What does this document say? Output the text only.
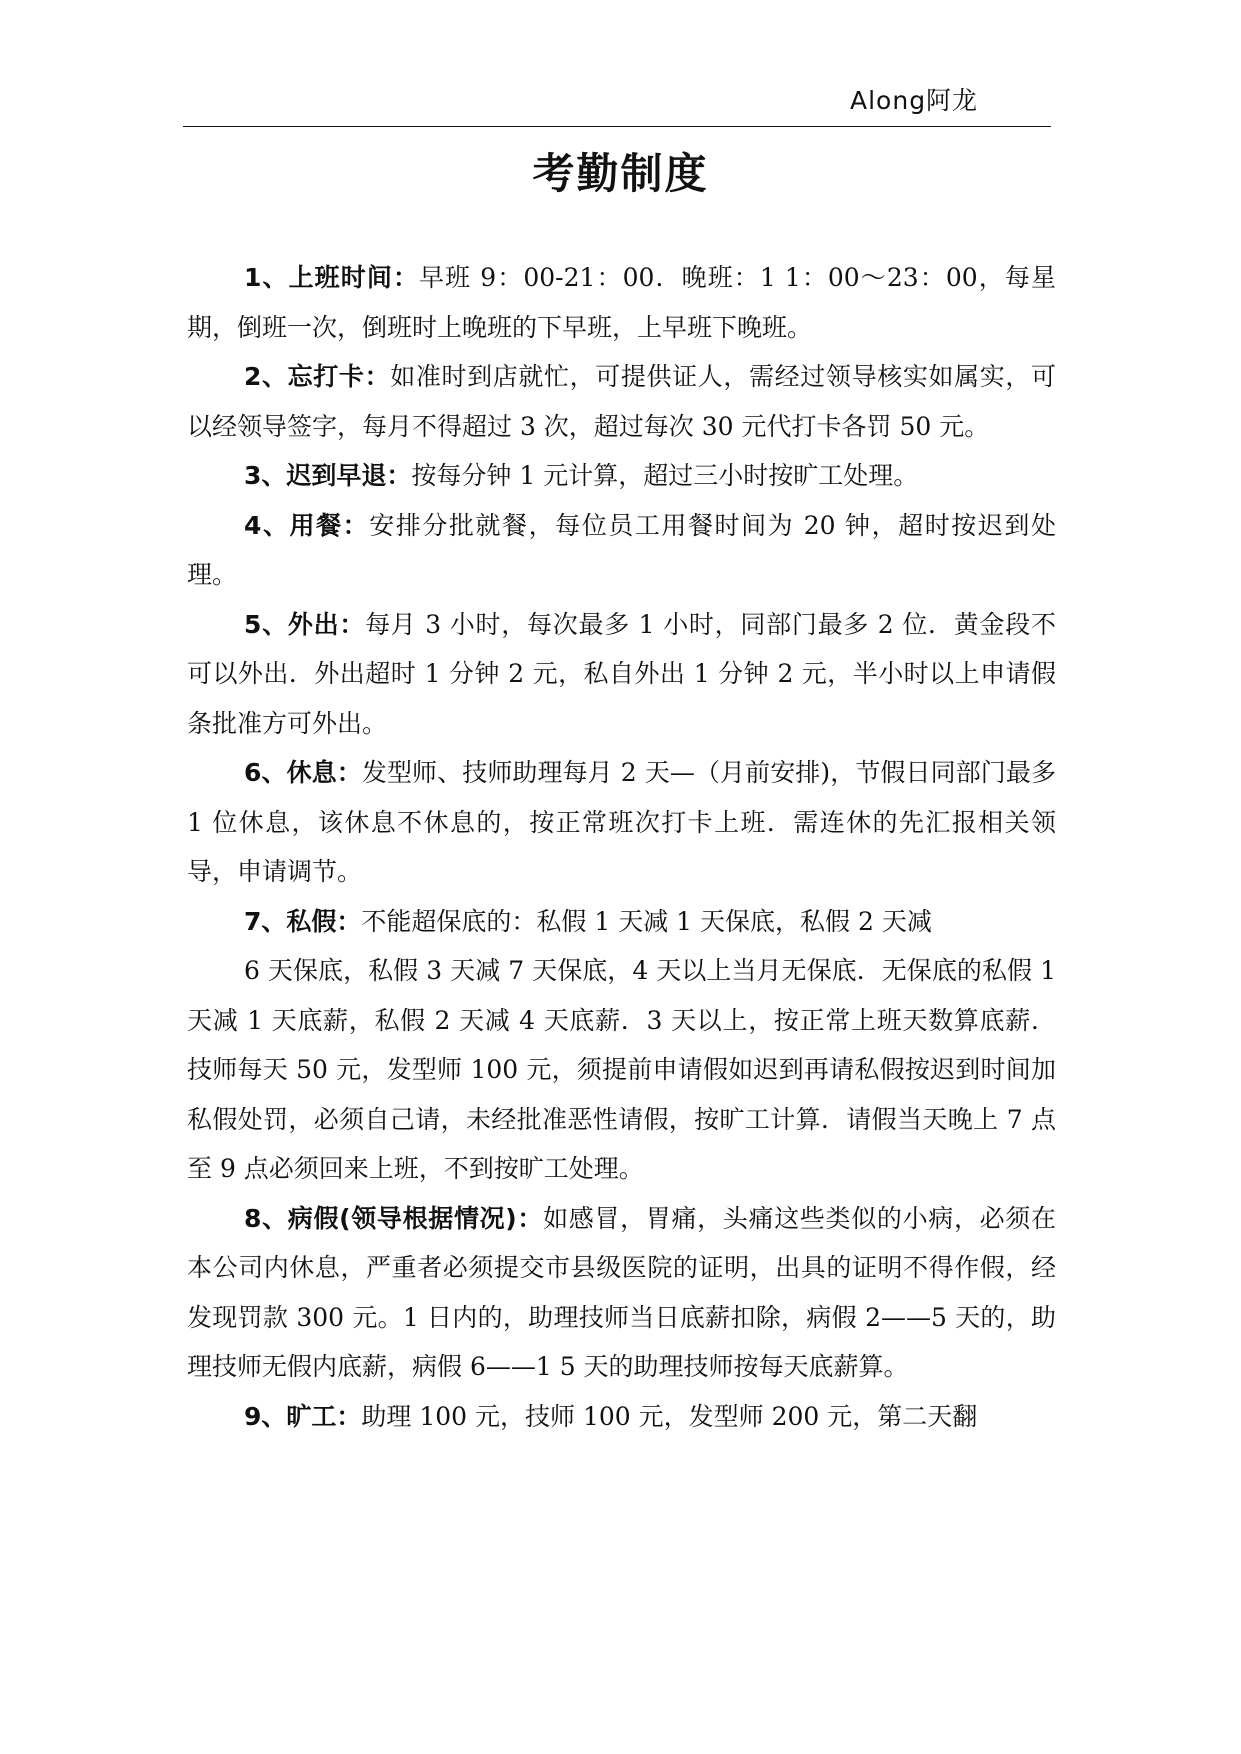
Along阿龙
考勤制度

1、上班时间：早班 9：00-21：00．晚班：1 1：00～23：00，每星期，倒班一次，倒班时上晚班的下早班，上早班下晚班。

2、忘打卡：如准时到店就忙，可提供证人，需经过领导核实如属实，可以经领导签字，每月不得超过 3 次，超过每次 30 元代打卡各罚 50 元。

3、迟到早退：按每分钟 1 元计算，超过三小时按旷工处理。

4、用餐：安排分批就餐，每位员工用餐时间为 20 钟，超时按迟到处理。

5、外出：每月 3 小时，每次最多 1 小时，同部门最多 2 位．黄金段不可以外出．外出超时 1 分钟 2 元，私自外出 1 分钟 2 元，半小时以上申请假条批准方可外出。

6、休息：发型师、技师助理每月 2 天—（月前安排)，节假日同部门最多 1 位休息，该休息不休息的，按正常班次打卡上班．需连休的先汇报相关领导，申请调节。

7、私假：不能超保底的：私假 1 天减 1 天保底，私假 2 天减

6 天保底，私假 3 天减 7 天保底，4 天以上当月无保底．无保底的私假 1 天减 1 天底薪，私假 2 天减 4 天底薪．3 天以上，按正常上班天数算底薪．技师每天 50 元，发型师 100 元，须提前申请假如迟到再请私假按迟到时间加私假处罚，必须自己请，未经批准恶性请假，按旷工计算．请假当天晚上 7 点至 9 点必须回来上班，不到按旷工处理。

8、病假(领导根据情况)：如感冒，胃痛，头痛这些类似的小病，必须在本公司内休息，严重者必须提交市县级医院的证明，出具的证明不得作假，经发现罚款 300 元。1 日内的，助理技师当日底薪扣除，病假 2——5 天的，助理技师无假内底薪，病假 6——1 5 天的助理技师按每天底薪算。

9、旷工：助理 100 元，技师 100 元，发型师 200 元，第二天翻
